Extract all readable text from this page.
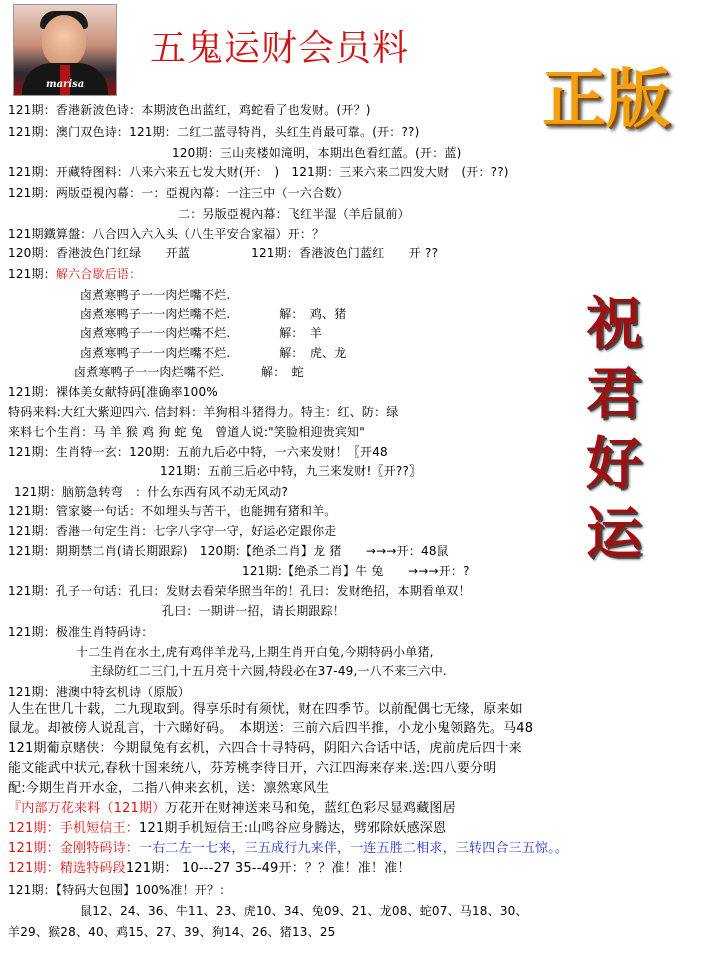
marisa
五鬼运财会员料
正版
祝
君
好
运
121期：香港新波色诗：本期波色出蓝红，鸡蛇看了也发财。(开？)
121期：澳门双色诗：121期：二红二蓝寻特肖，头红生肖最可靠。(开：??)
120期：三山夹楼如滝明，本期出色看红蓝。(开：蓝)
121期：开藏特图料：八来六来五七发大财(开：　)　121期：三来六来二四发大财　(开：??)
121期：两版亞視內幕：一：亞視內幕：一注三中（一六合数）
二：另版亞視內幕：飞红半湿（羊后鼠前）
121期鐵算盤：八合四入六入头（八生平安合家福）开：？
120期：香港波色门红绿　　开蓝　　　　　121期：香港波色门蓝红　　开 ??
121期：解六合歇后语：
卤煮寒鸭子一一肉烂嘴不烂.
卤煮寒鸭子一一肉烂嘴不烂.　　　　解：　鸡、猪
卤煮寒鸭子一一肉烂嘴不烂.　　　　解：　羊
卤煮寒鸭子一一肉烂嘴不烂.　　　　解：　虎、龙
卤煮寒鸭子一一肉烂嘴不烂.　　　解：　蛇
121期：裸体美女献特码[准确率100%
特码来料:大红大紫迎四六. 信封料：羊狗相斗猪得力。特主：红、防：绿
来料七个生肖：马 羊 猴 鸡 狗 蛇 兔　曾道人说:"笑脸相迎贵宾知"
121期：生肖特一玄：120期：五前九后必中特，一六来发财！〖开48
121期：五前三后必中特，九三来发财!〖开??〗
121期：脑筋急转弯　：什么东西有风不动无风动?
121期：管家婆一句话：不如埋头与苦干，也能拥有猪和羊。
121期：香港一句定生肖：七字八字守一守，好运必定跟你走
121期：期期禁二肖(请长期跟踪)　120期:【绝杀二肖】龙 猪　　→→→开：48鼠
121期:【绝杀二肖】牛 兔　　→→→开：?
121期：孔子一句话：孔曰：发财去看荣华照当年的！孔曰：发财绝招，本期看单双！
孔曰：一期讲一招，请长期跟踪！
121期：极准生肖特码诗：
十二生肖在水土,虎有鸡伴羊龙马,上期生肖开白兔,今期特码小单猪,
主绿防红二三门,十五月亮十六圆,特段必在37-49,一八不来三六中.
121期：港澳中特玄机诗（原版）
人生在世几十载，二九现取到。得享乐时有须忧，财在四季节。以前配偶七无缘，原来如
鼠龙。却被傍人说乱言，十六睇好码。　本期送：三前六后四半推，小龙小鬼领路先。马48
121期葡京赌侠：今期鼠兔有玄机，六四合十寻特码，阴阳六合话中话，虎前虎后四十来
能文能武中状元,春秋十国来统八，芬芳桃李待日开，六江四海来存来.送:四八要分明
配:今期生肖开水金，二指八伸来玄机，送：凛然寒风生
『内部万花来料（121期）万花开在财神送来马和兔，蓝红色彩尽显鸡藏图居
121期：手机短信王：121期手机短信王:山鸣谷应身腾达，劈邪除妖感深恩
121期：金刚特码诗：一右二左一七来，三五成行九来伴，一连五胜二相求，三转四合三五惊。。
121期：精选特码段121期： 10---27 35--49开：？？准！准！准！
121期：【特码大包围】100%准！开？：
鼠12、24、36、牛11、23、虎10、34、兔09、21、龙08、蛇07、马18、30、
羊29、猴28、40、鸡15、27、39、狗14、26、猪13、25
